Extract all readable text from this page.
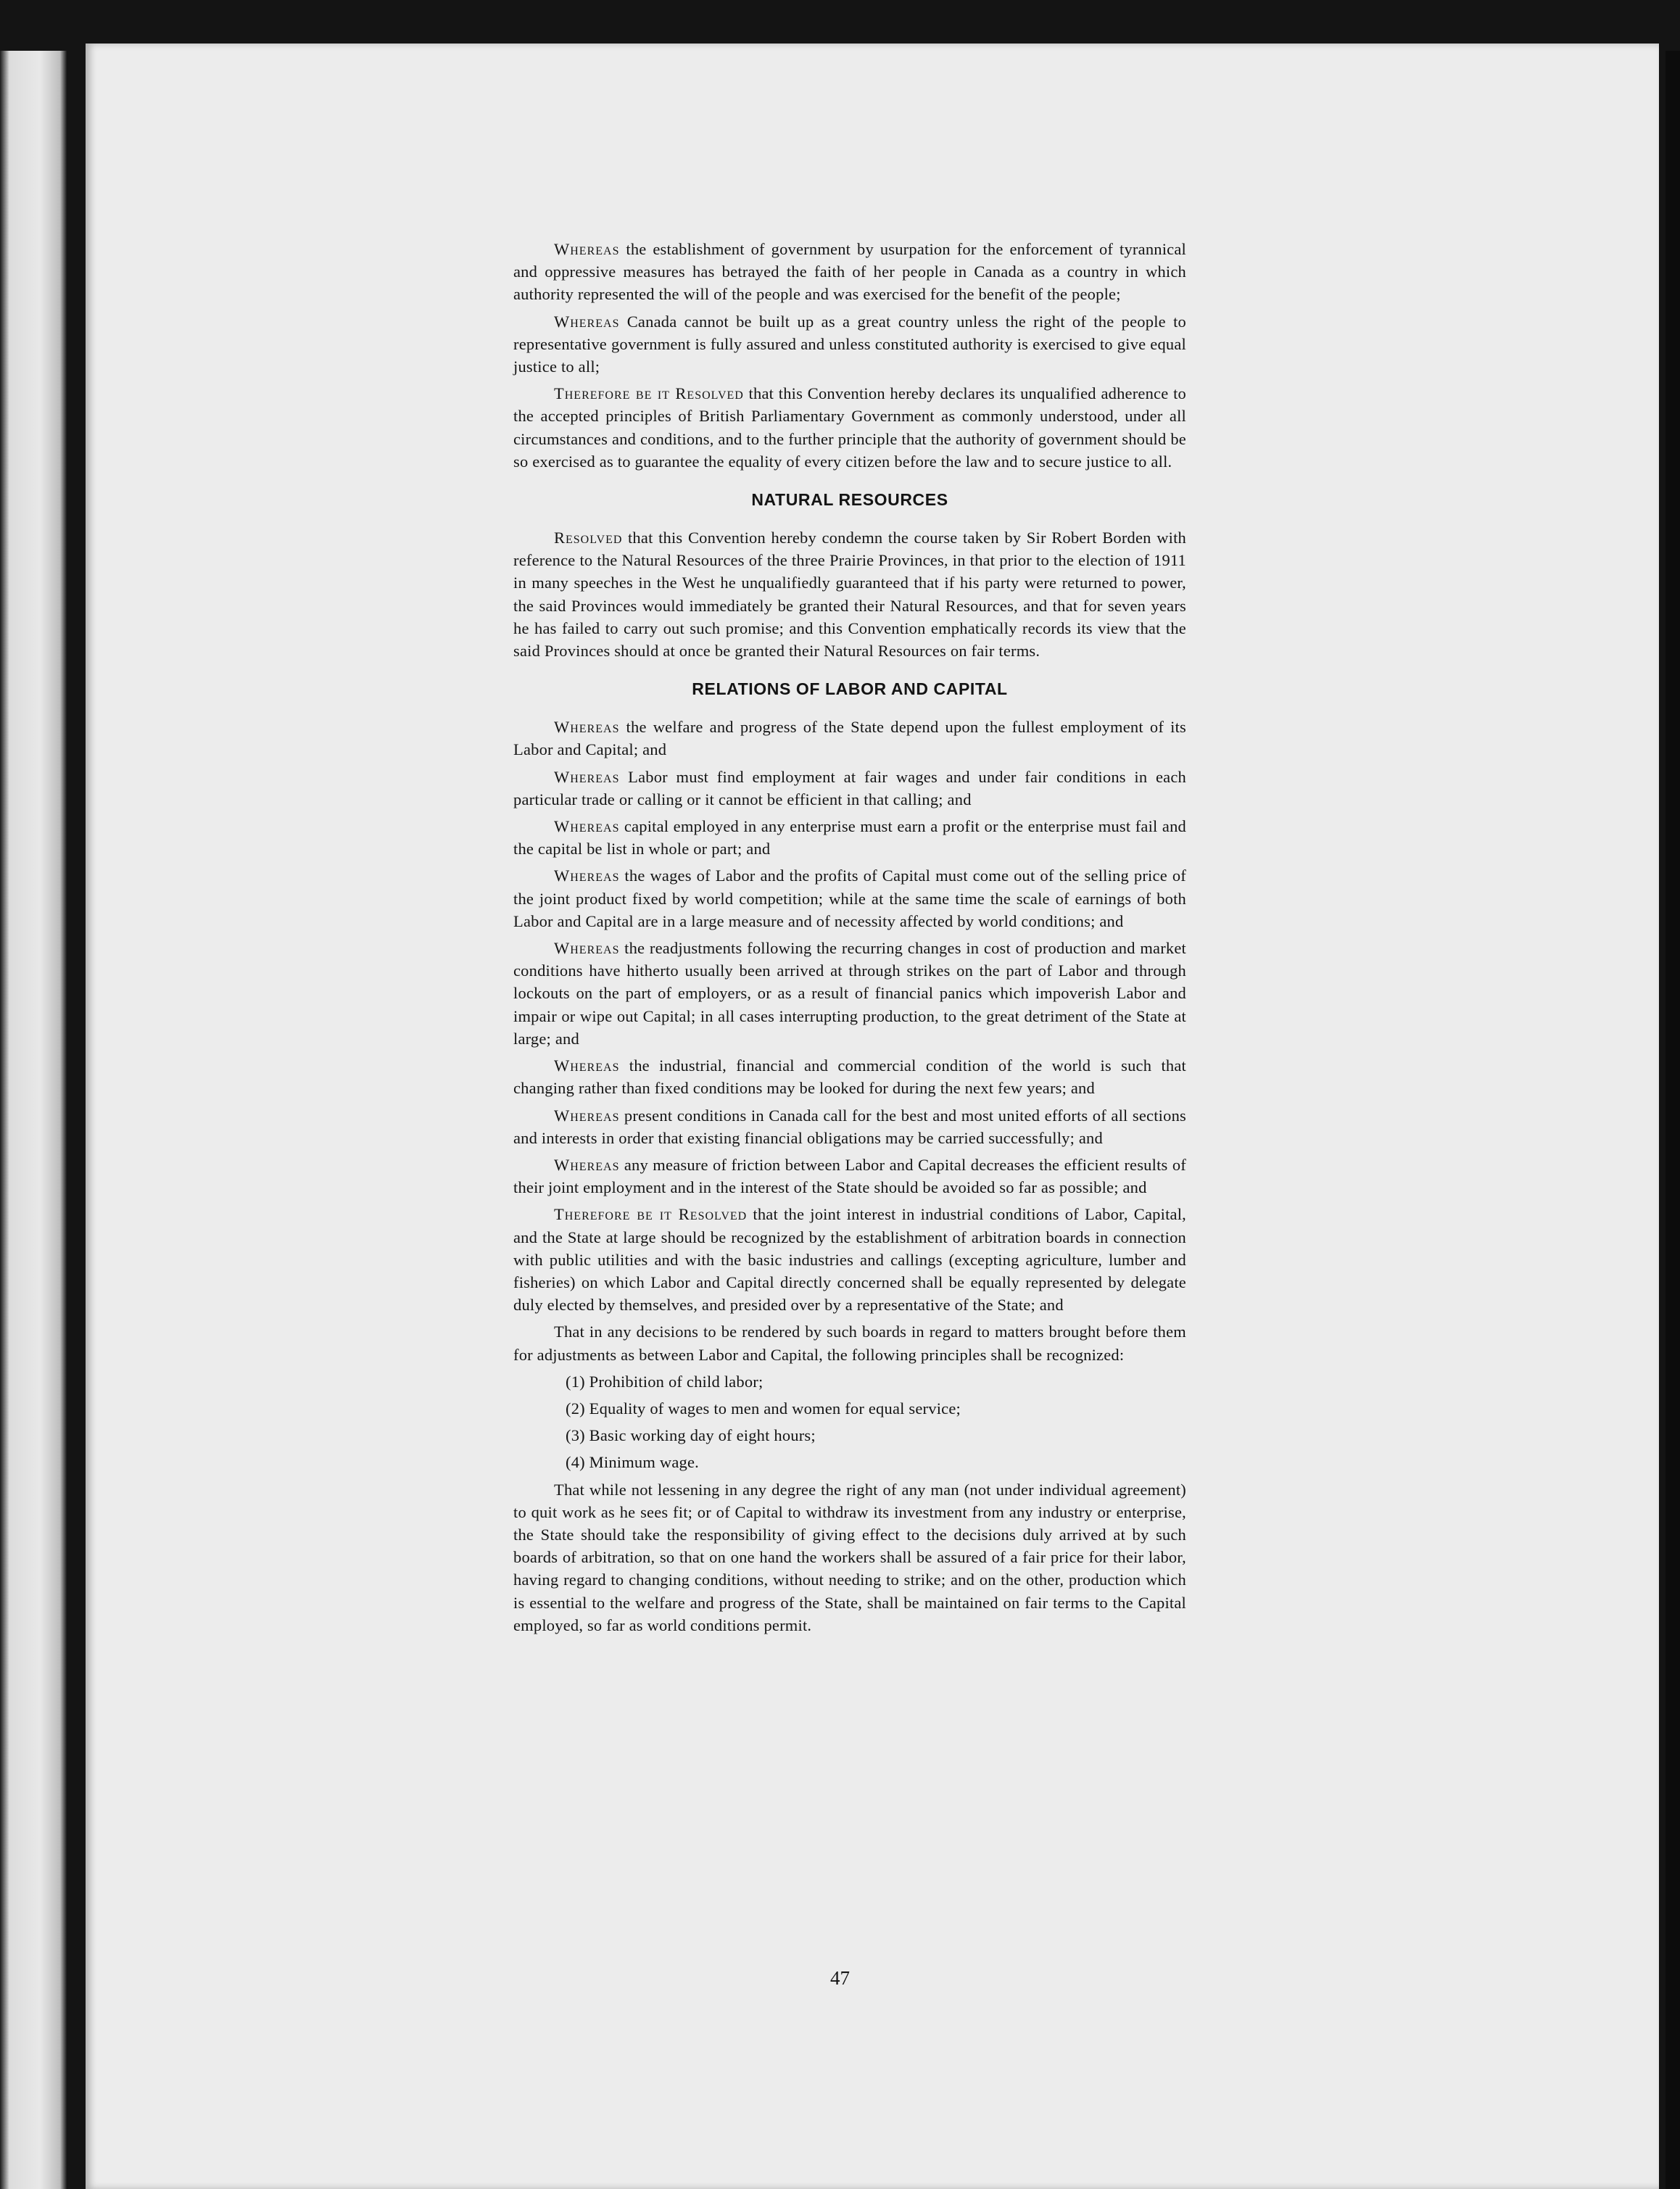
Whereas the establishment of government by usurpation for the enforcement of tyrannical and oppressive measures has betrayed the faith of her people in Canada as a country in which authority represented the will of the people and was exercised for the benefit of the people;

Whereas Canada cannot be built up as a great country unless the right of the people to representative government is fully assured and unless constituted authority is exercised to give equal justice to all;

Therefore be it Resolved that this Convention hereby declares its unqualified adherence to the accepted principles of British Parliamentary Government as commonly understood, under all circumstances and conditions, and to the further principle that the authority of government should be so exercised as to guarantee the equality of every citizen before the law and to secure justice to all.

NATURAL RESOURCES

Resolved that this Convention hereby condemn the course taken by Sir Robert Borden with reference to the Natural Resources of the three Prairie Provinces, in that prior to the election of 1911 in many speeches in the West he unqualifiedly guaranteed that if his party were returned to power, the said Provinces would immediately be granted their Natural Resources, and that for seven years he has failed to carry out such promise; and this Convention emphatically records its view that the said Provinces should at once be granted their Natural Resources on fair terms.

RELATIONS OF LABOR AND CAPITAL

Whereas the welfare and progress of the State depend upon the fullest employment of its Labor and Capital; and

Whereas Labor must find employment at fair wages and under fair conditions in each particular trade or calling or it cannot be efficient in that calling; and

Whereas capital employed in any enterprise must earn a profit or the enterprise must fail and the capital be list in whole or part; and

Whereas the wages of Labor and the profits of Capital must come out of the selling price of the joint product fixed by world competition; while at the same time the scale of earnings of both Labor and Capital are in a large measure and of necessity affected by world conditions; and

Whereas the readjustments following the recurring changes in cost of production and market conditions have hitherto usually been arrived at through strikes on the part of Labor and through lockouts on the part of employers, or as a result of financial panics which impoverish Labor and impair or wipe out Capital; in all cases interrupting production, to the great detriment of the State at large; and

Whereas the industrial, financial and commercial condition of the world is such that changing rather than fixed conditions may be looked for during the next few years; and

Whereas present conditions in Canada call for the best and most united efforts of all sections and interests in order that existing financial obligations may be carried successfully; and

Whereas any measure of friction between Labor and Capital decreases the efficient results of their joint employment and in the interest of the State should be avoided so far as possible; and

Therefore be it Resolved that the joint interest in industrial conditions of Labor, Capital, and the State at large should be recognized by the establishment of arbitration boards in connection with public utilities and with the basic industries and callings (excepting agriculture, lumber and fisheries) on which Labor and Capital directly concerned shall be equally represented by delegate duly elected by themselves, and presided over by a representative of the State; and

That in any decisions to be rendered by such boards in regard to matters brought before them for adjustments as between Labor and Capital, the following principles shall be recognized:

(1) Prohibition of child labor;
(2) Equality of wages to men and women for equal service;
(3) Basic working day of eight hours;
(4) Minimum wage.

That while not lessening in any degree the right of any man (not under individual agreement) to quit work as he sees fit; or of Capital to withdraw its investment from any industry or enterprise, the State should take the responsibility of giving effect to the decisions duly arrived at by such boards of arbitration, so that on one hand the workers shall be assured of a fair price for their labor, having regard to changing conditions, without needing to strike; and on the other, production which is essential to the welfare and progress of the State, shall be maintained on fair terms to the Capital employed, so far as world conditions permit.

47
